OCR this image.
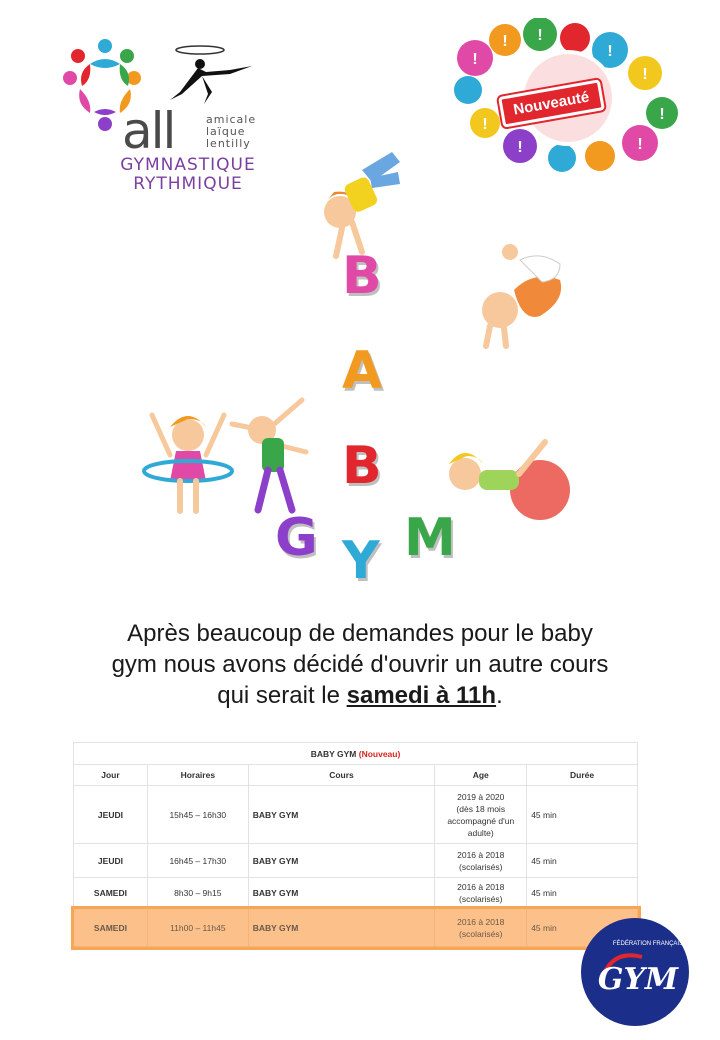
all	amicale
laïque
lentilly
GYMNASTIQUE
RYTHMIQUE
!
! !
!
!
!
!
!
!
Nouveauté
B
A
B
G Y M
Après beaucoup de demandes pour le baby
gym nous avons décidé d'ouvrir un autre cours
qui serait le samedi à 11h.
BABY GYM (Nouveau)				
Jour	Horaires	Cours	Age	Durée
JEUDI	15h45 – 16h30	BABY GYM	2019 à 2020
(dès 18 mois
accompagné d'un
adulte)	45 min
JEUDI	16h45 – 17h30	BABY GYM	2016 à 2018
(scolarisés)	45 min
SAMEDI	8h30 – 9h15	BABY GYM	2016 à 2018
(scolarisés)	45 min
SAMEDI	11h00 – 11h45	BABY GYM	2016 à 2018
(scolarisés)	45 min
FÉDÉRATION FRANÇAISE
GYM
